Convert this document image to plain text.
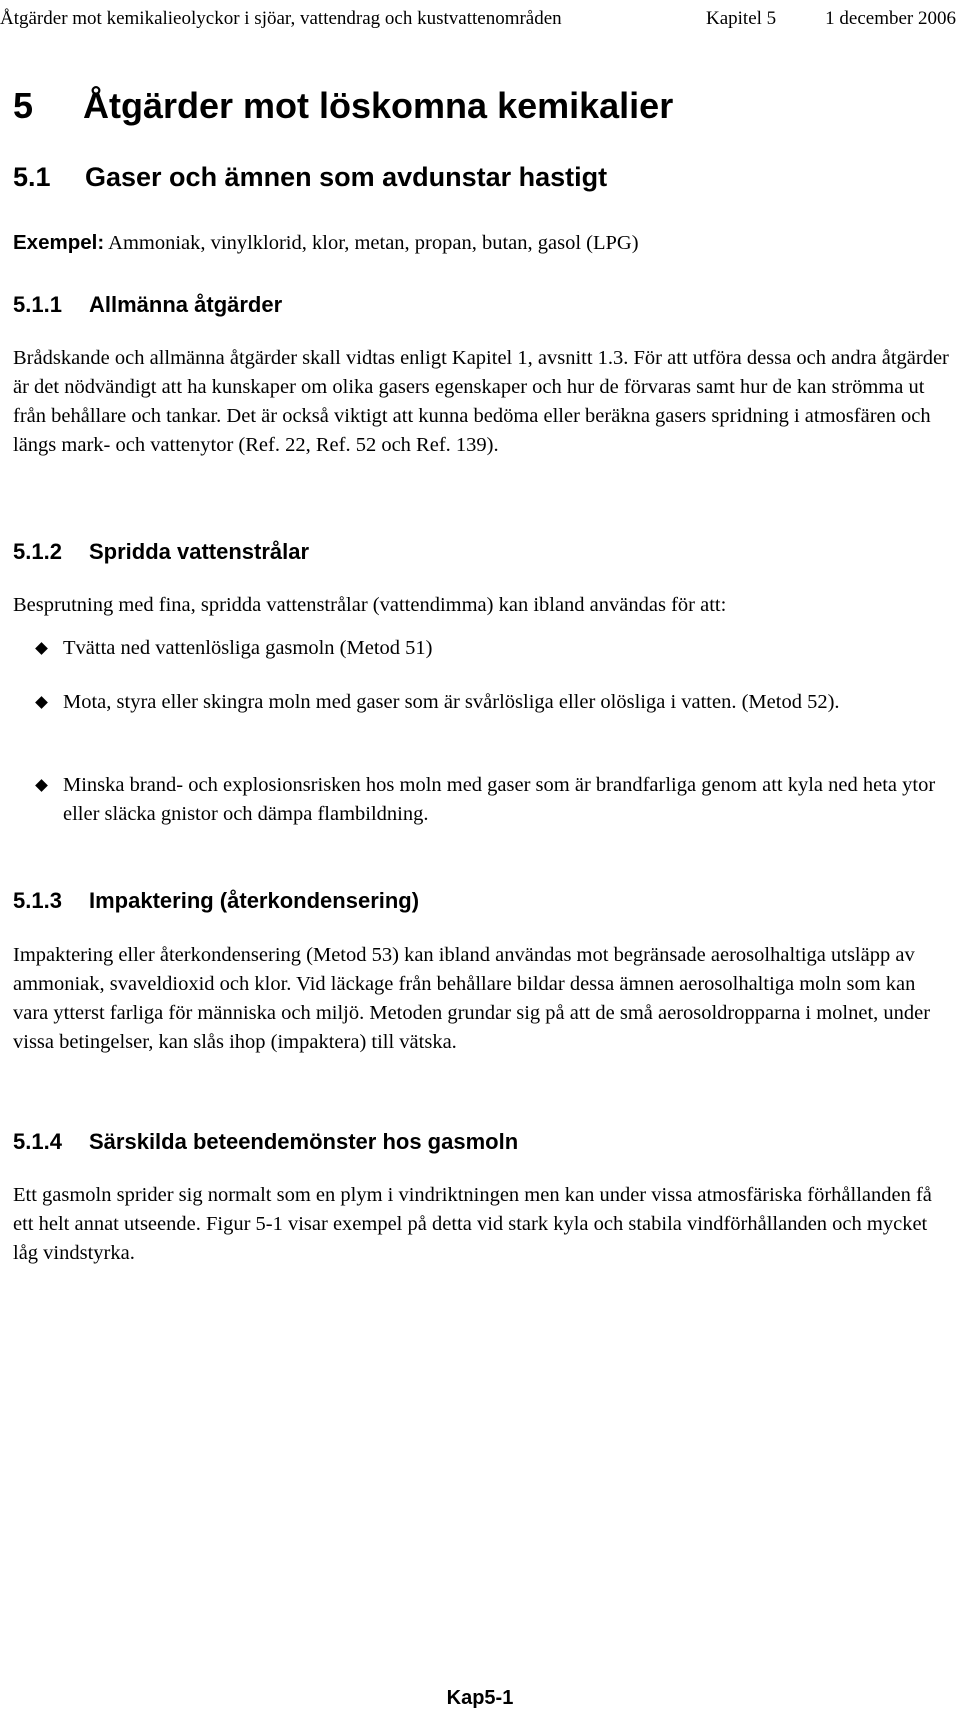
Åtgärder mot kemikalieolyckor i sjöar, vattendrag och kustvattenområden	Kapitel 5	1 december 2006
5 Åtgärder mot löskomna kemikalier
5.1 Gaser och ämnen som avdunstar hastigt
Exempel: Ammoniak, vinylklorid, klor, metan, propan, butan, gasol (LPG)
5.1.1 Allmänna åtgärder

Brådskande och allmänna åtgärder skall vidtas enligt Kapitel 1, avsnitt 1.3. För att utföra dessa och andra åtgärder är det nödvändigt att ha kunskaper om olika gasers egenskaper och hur de förvaras samt hur de kan strömma ut från behållare och tankar. Det är också viktigt att kunna bedöma eller beräkna gasers spridning i atmosfären och längs mark- och vattenytor (Ref. 22, Ref. 52 och Ref. 139).

5.1.2 Spridda vattenstrålar

Besprutning med fina, spridda vattenstrålar (vattendimma) kan ibland användas för att:

Tvätta ned vattenlösliga gasmoln (Metod 51)
Mota, styra eller skingra moln med gaser som är svårlösliga eller olösliga i vatten. (Metod 52).
Minska brand- och explosionsrisken hos moln med gaser som är brandfarliga genom att kyla ned heta ytor eller släcka gnistor och dämpa flambildning.
5.1.3 Impaktering (återkondensering)

Impaktering eller återkondensering (Metod 53) kan ibland användas mot begränsade aerosolhaltiga utsläpp av ammoniak, svaveldioxid och klor. Vid läckage från behållare bildar dessa ämnen aerosolhaltiga moln som kan vara ytterst farliga för människa och miljö. Metoden grundar sig på att de små aerosoldropparna i molnet, under vissa betingelser, kan slås ihop (impaktera) till vätska.

5.1.4 Särskilda beteendemönster hos gasmoln

Ett gasmoln sprider sig normalt som en plym i vindriktningen men kan under vissa atmosfäriska förhållanden få ett helt annat utseende. Figur 5-1 visar exempel på detta vid stark kyla och stabila vindförhållanden och mycket låg vindstyrka.

Kap5-1
